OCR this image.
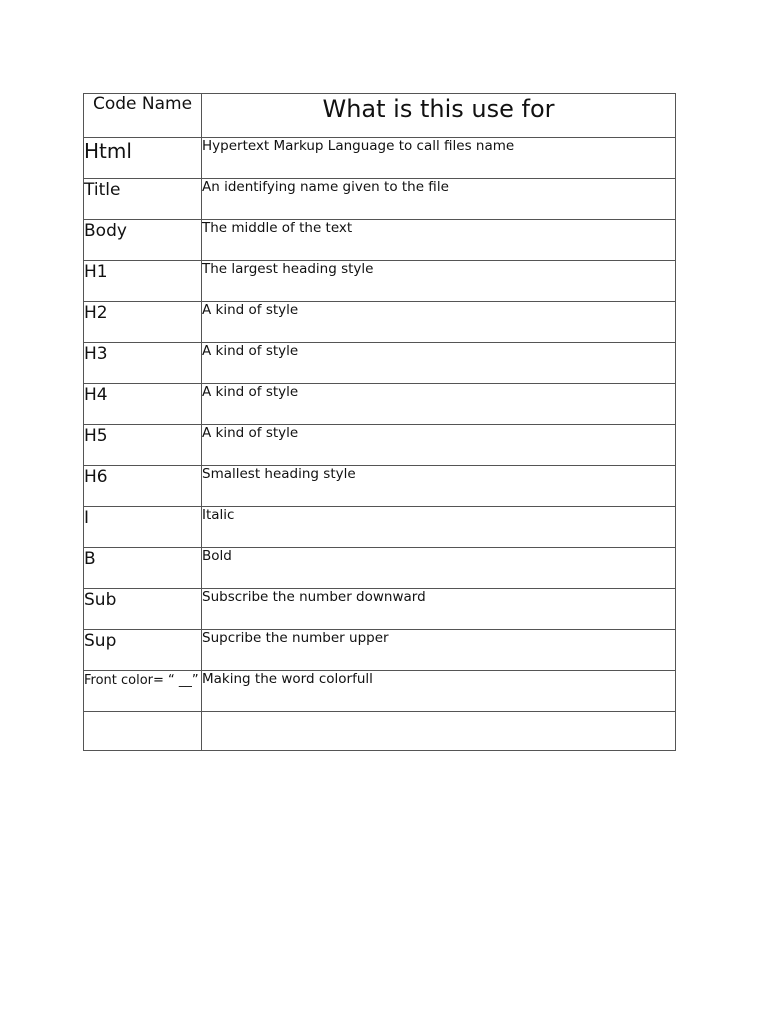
Code Name	What is this use for
Html	Hypertext Markup Language to call files name
Title	An identifying name given to the file
Body	The middle of the text
H1	The largest heading style
H2	A kind of style
H3	A kind of style
H4	A kind of style
H5	A kind of style
H6	Smallest heading style
I	Italic
B	Bold
Sub	Subscribe the number downward
Sup	Supcribe the number upper
Front color= “ __”	Making the word colorfull
